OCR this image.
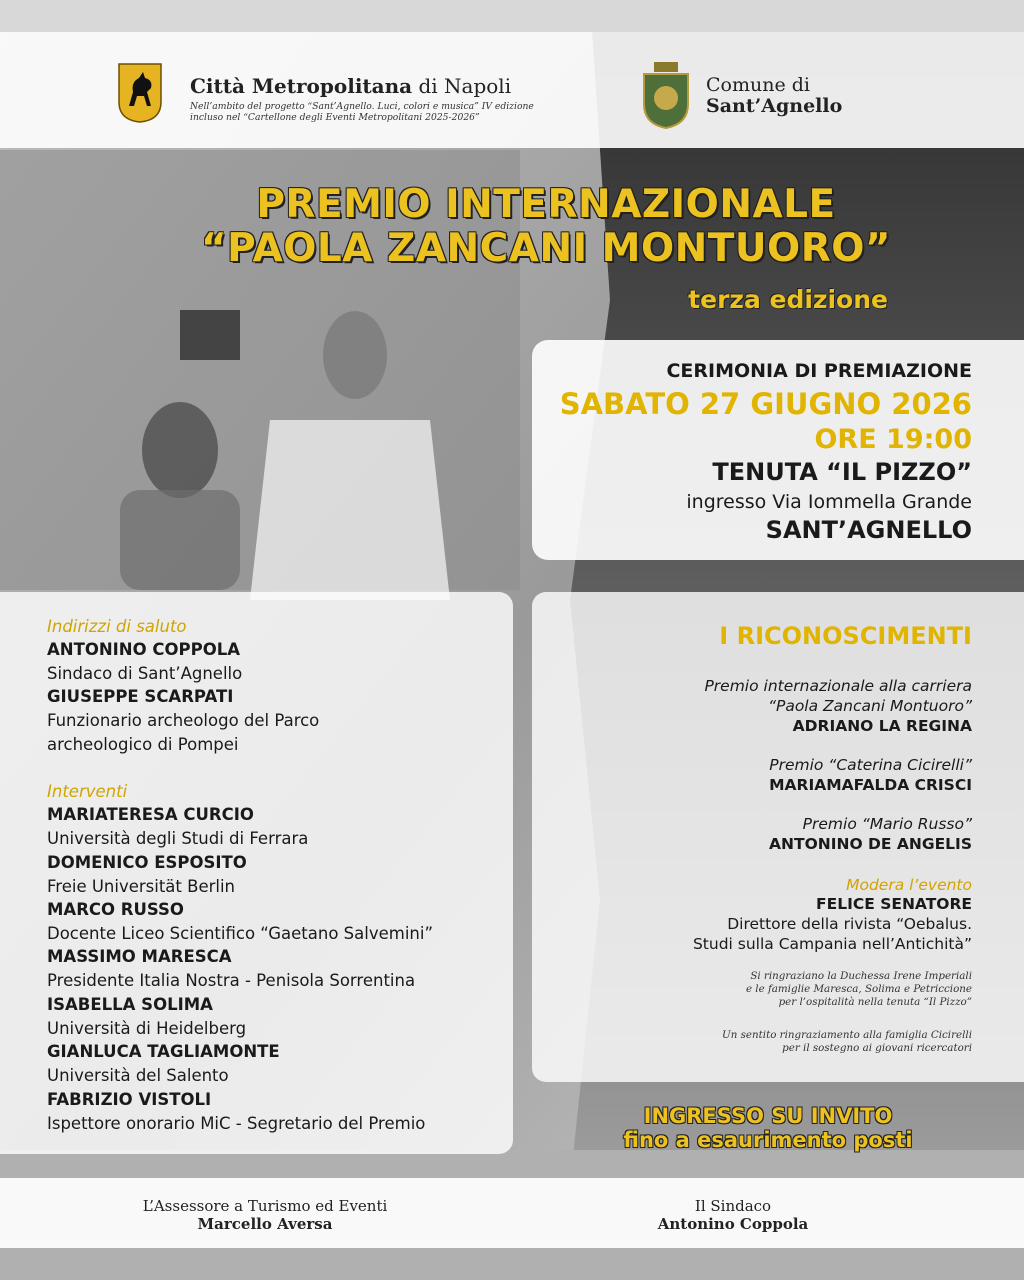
Città Metropolitana di Napoli
Nell’ambito del progetto “Sant’Agnello. Luci, colori e musica” IV edizione
incluso nel “Cartellone degli Eventi Metropolitani 2025-2026”
Comune di
Sant’Agnello
PREMIO INTERNAZIONALE
“PAOLA ZANCANI MONTUORO”
terza edizione
CERIMONIA DI PREMIAZIONE
SABATO 27 GIUGNO 2026
ORE 19:00
TENUTA “IL PIZZO”
ingresso Via Iommella Grande
SANT’AGNELLO
Indirizzi di saluto
ANTONINO COPPOLA
Sindaco di Sant’Agnello
GIUSEPPE SCARPATI
Funzionario archeologo del Parco
archeologico di Pompei
Interventi
MARIATERESA CURCIO
Università degli Studi di Ferrara
DOMENICO ESPOSITO
Freie Universität Berlin
MARCO RUSSO
Docente Liceo Scientifico “Gaetano Salvemini”
MASSIMO MARESCA
Presidente Italia Nostra - Penisola Sorrentina
ISABELLA SOLIMA
Università di Heidelberg
GIANLUCA TAGLIAMONTE
Università del Salento
FABRIZIO VISTOLI
Ispettore onorario MiC - Segretario del Premio
I RICONOSCIMENTI
Premio internazionale alla carriera
“Paola Zancani Montuoro”
ADRIANO LA REGINA
Premio “Caterina Cicirelli”
MARIAMAFALDA CRISCI
Premio “Mario Russo”
ANTONINO DE ANGELIS
Modera l’evento
FELICE SENATORE
Direttore della rivista “Oebalus.
Studi sulla Campania nell’Antichità”
Si ringraziano la Duchessa Irene Imperiali
e le famiglie Maresca, Solima e Petriccione
per l’ospitalità nella tenuta “Il Pizzo”
Un sentito ringraziamento alla famiglia Cicirelli
per il sostegno ai giovani ricercatori
INGRESSO SU INVITO
fino a esaurimento posti
L’Assessore a Turismo ed Eventi
Marcello Aversa
Il Sindaco
Antonino Coppola
